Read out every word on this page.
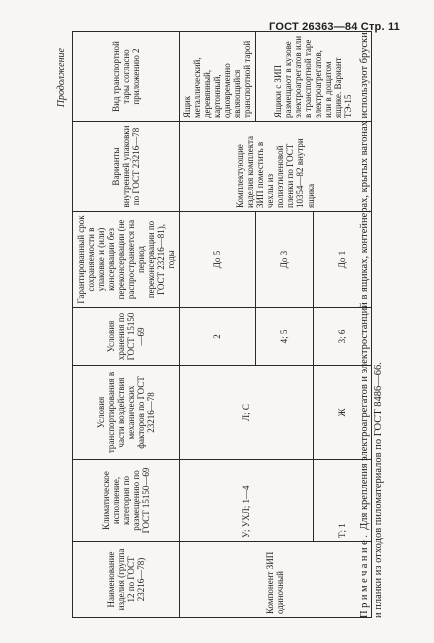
ГОСТ 26363—84 Стр. 11
Продолжение
Наименование изделия (группа 12 по ГОСТ 23216—78)	Климатическое исполнение, категория по размещению по ГОСТ 15150—69	Условия транспортирования в части воздействия механических факторов по ГОСТ 23216—78	Условия хранения по ГОСТ 15150—69	Гарантированный срок сохраняемости в упаковке и (или) консервации без переконсервации (не распространяется на период переконсервации по ГОСТ 23216—81), годы	Варианты внутренней упаковки по ГОСТ 23216—78	Вид транспортной тары согласно приложению 2
Компонент ЗИП одиночный	У; УХЛ; 1—4	Л; С	2	До 5	Комплектующие изделия комплекта ЗИП поместить в чехлы из полиэтиленовой пленки по ГОСТ 10354—82 внутри ящика	Ящик металлический, деревянный, картонный, одновременно являющийся транспортной тарой
			4; 5	До 3		Ящики с ЗИП размещают в кузове электроагрегатов или в транспортной таре электроагрегатов, или в дощатом ящике. Вариант ТЭ-15
	Т; 1	Ж	3; 6	До 1		
Примечание. Для крепления электроагрегатов и электростанций в ящиках, контейнерах, крытых вагонах используют бруски и планки из отходов пиломатериалов по ГОСТ 8486—66.
